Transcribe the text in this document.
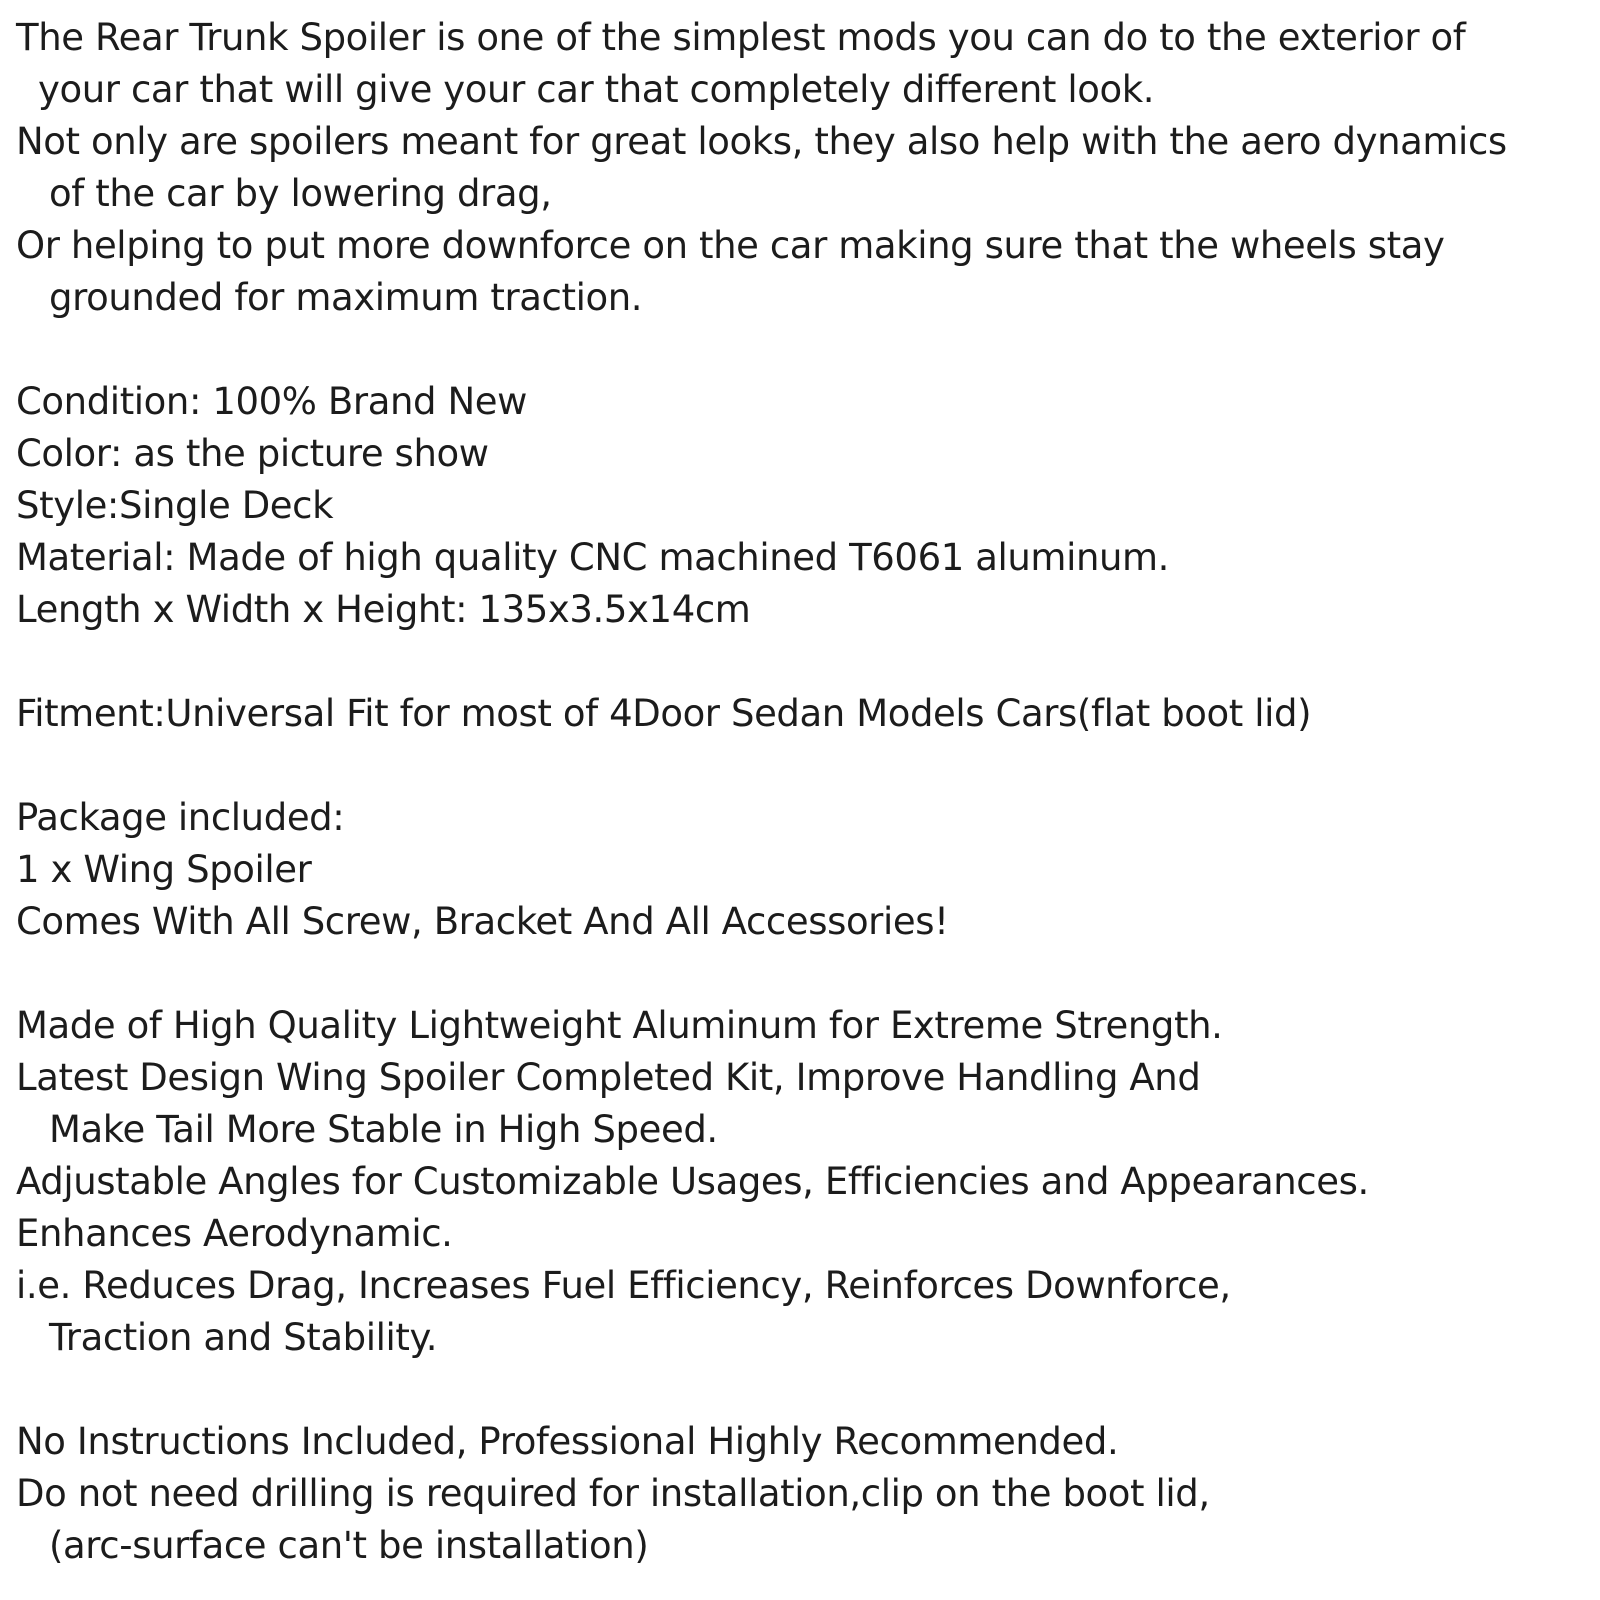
The Rear Trunk Spoiler is one of the simplest mods you can do to the exterior of
your car that will give your car that completely different look.
Not only are spoilers meant for great looks, they also help with the aero dynamics
of the car by lowering drag,
Or helping to put more downforce on the car making sure that the wheels stay
grounded for maximum traction.
Condition: 100% Brand New
Color: as the picture show
Style:Single Deck
Material: Made of high quality CNC machined T6061 aluminum.
Length x Width x Height: 135x3.5x14cm
Fitment:Universal Fit for most of 4Door Sedan Models Cars(flat boot lid)
Package included:
1 x Wing Spoiler
Comes With All Screw, Bracket And All Accessories!
Made of High Quality Lightweight Aluminum for Extreme Strength.
Latest Design Wing Spoiler Completed Kit, Improve Handling And
Make Tail More Stable in High Speed.
Adjustable Angles for Customizable Usages, Efficiencies and Appearances.
Enhances Aerodynamic.
i.e. Reduces Drag, Increases Fuel Efficiency, Reinforces Downforce,
Traction and Stability.
No Instructions Included, Professional Highly Recommended.
Do not need drilling is required for installation,clip on the boot lid,
(arc-surface can't be installation)
